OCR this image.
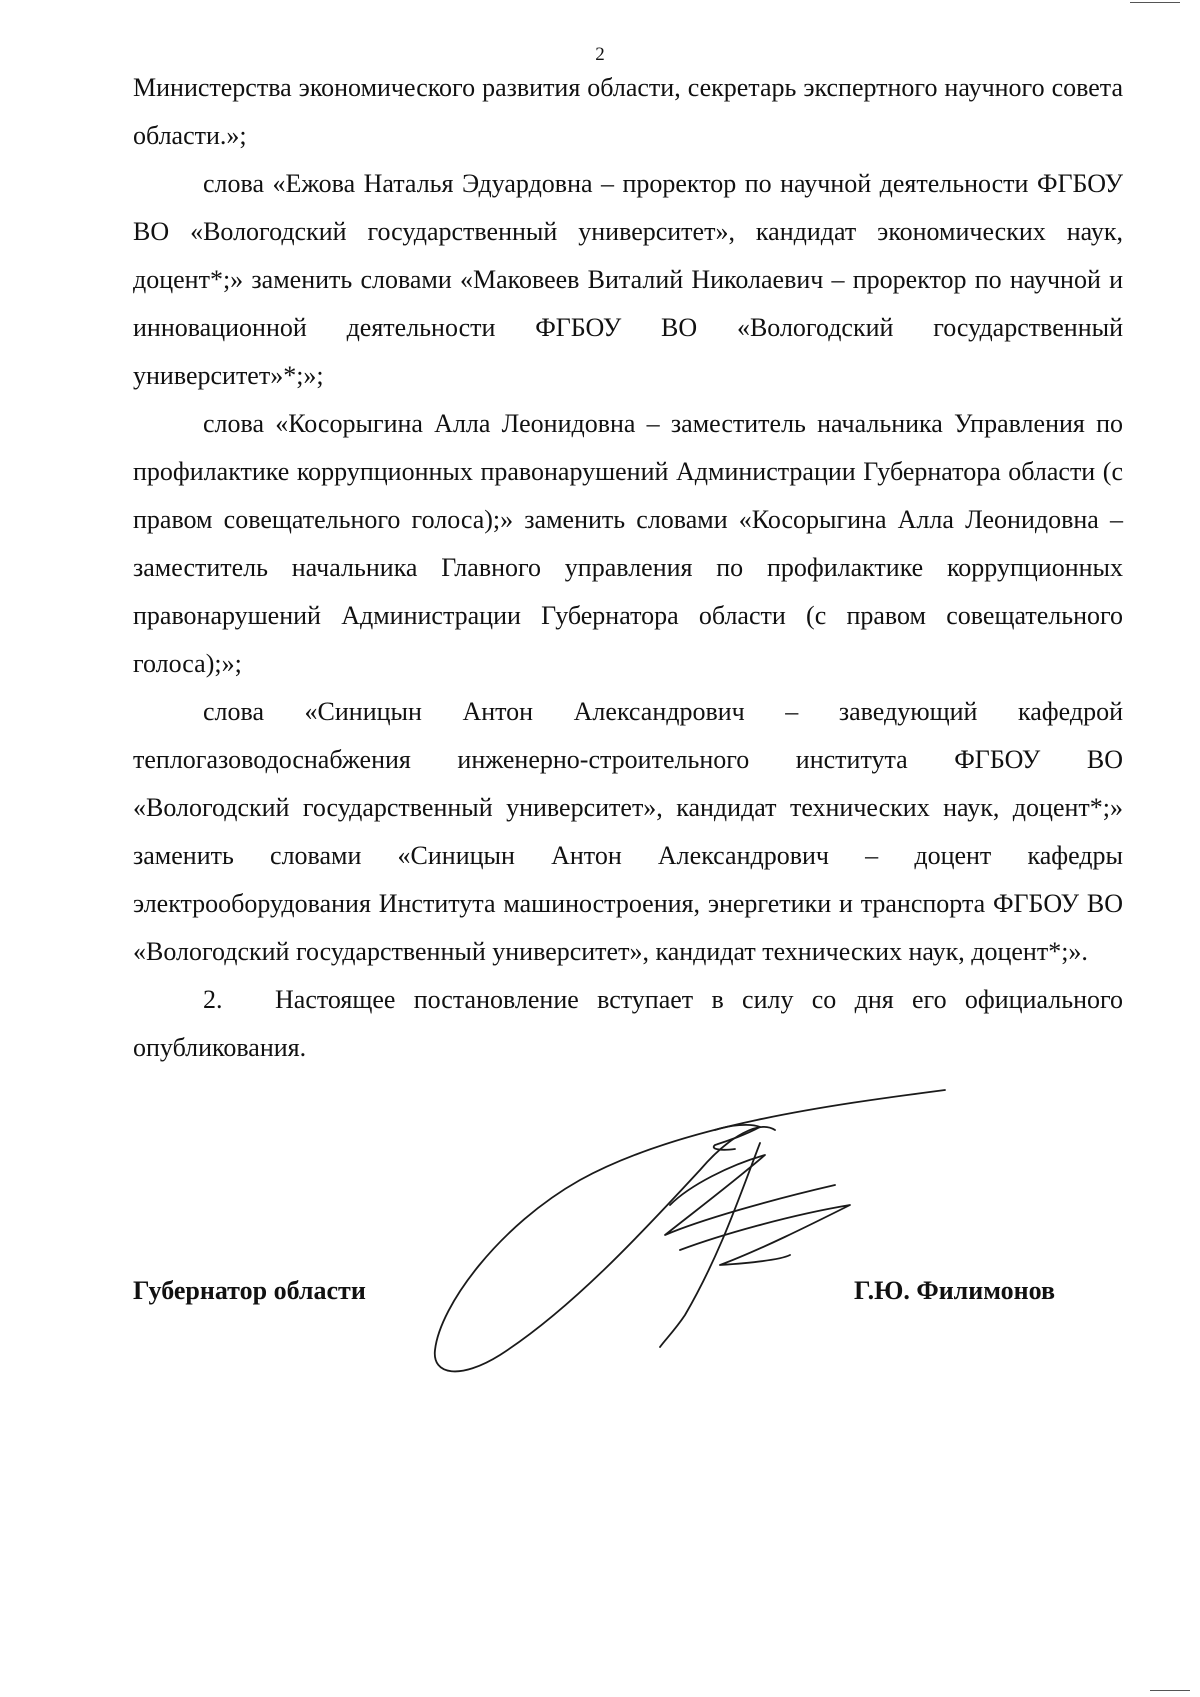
2

Министерства экономического развития области, секретарь экспертного научного совета области.»;

слова «Ежова Наталья Эдуардовна – проректор по научной деятельности ФГБОУ ВО «Вологодский государственный университет», кандидат экономических наук, доцент*;» заменить словами «Маковеев Виталий Николаевич – проректор по научной и инновационной деятельности ФГБОУ ВО «Вологодский государственный университет»*;»;

слова «Косорыгина Алла Леонидовна – заместитель начальника Управления по профилактике коррупционных правонарушений Администрации Губернатора области (с правом совещательного голоса);» заменить словами «Косорыгина Алла Леонидовна – заместитель начальника Главного управления по профилактике коррупционных правонарушений Администрации Губернатора области (с правом совещательного голоса);»;

слова «Синицын Антон Александрович – заведующий кафедрой теплогазоводоснабжения инженерно-строительного института ФГБОУ ВО «Вологодский государственный университет», кандидат технических наук, доцент*;» заменить словами «Синицын Антон Александрович – доцент кафедры электрооборудования Института машиностроения, энергетики и транспорта ФГБОУ ВО «Вологодский государственный университет», кандидат технических наук, доцент*;».

2. Настоящее постановление вступает в силу со дня его официального опубликования.

Губернатор области	Г.Ю. Филимонов
